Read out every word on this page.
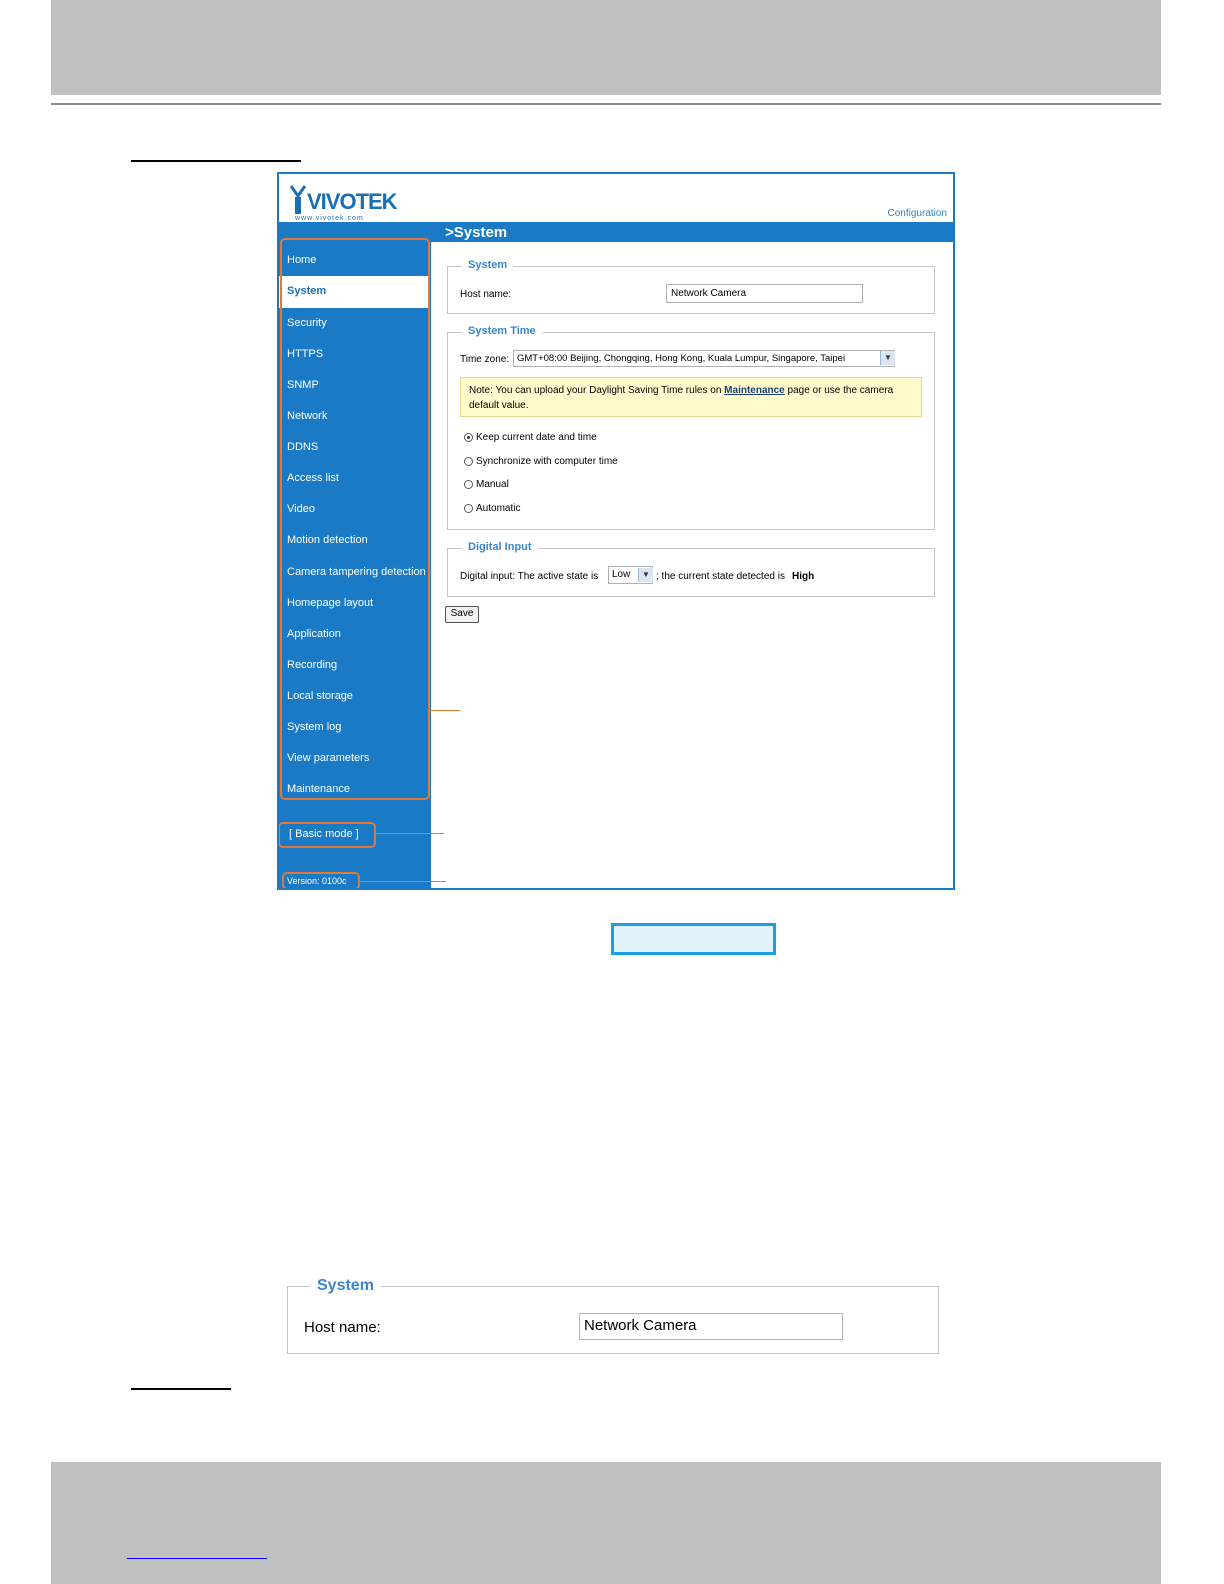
VIVOTEK
www.vivotek.com	Configuration
>System
Home
System
Security
HTTPS
SNMP
Network
DDNS
Access list
Video
Motion detection
Camera tampering detection
Homepage layout
Application
Recording
Local storage
System log
View parameters
Maintenance
[ Basic mode ]
Version: 0100c
System
Host name:	Network Camera
System Time
Time zone: GMT+08:00 Beijing, Chongqing, Hong Kong, Kuala Lumpur, Singapore, Taipei	▼
Note: You can upload your Daylight Saving Time rules on Maintenance page or use the camera default value.
Keep current date and time
Synchronize with computer time
Manual
Automatic
Digital Input
Digital input: The active state is	Low	▼ ; the current state detected is High
Save
System
Host name:	Network Camera
